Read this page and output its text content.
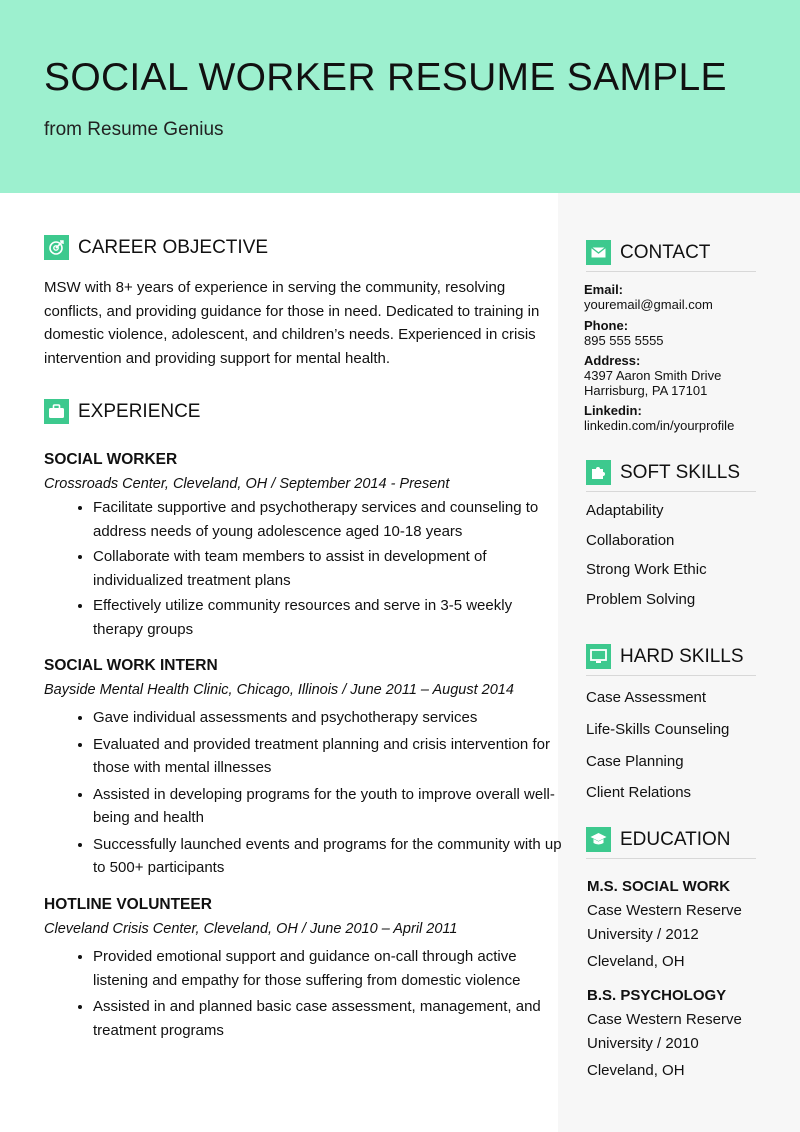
SOCIAL WORKER RESUME SAMPLE
from Resume Genius
CAREER OBJECTIVE

MSW with 8+ years of experience in serving the community, resolving conflicts, and providing guidance for those in need. Dedicated to training in domestic violence, adolescent, and children’s needs. Experienced in crisis intervention and providing support for mental health.

EXPERIENCE
SOCIAL WORKER
Crossroads Center, Cleveland, OH / September 2014 - Present
• Facilitate supportive and psychotherapy services and counseling to address needs of young adolescence aged 10-18 years
• Collaborate with team members to assist in development of individualized treatment plans
• Effectively utilize community resources and serve in 3-5 weekly therapy groups
SOCIAL WORK INTERN
Bayside Mental Health Clinic, Chicago, Illinois / June 2011 – August 2014
• Gave individual assessments and psychotherapy services
• Evaluated and provided treatment planning and crisis intervention for those with mental illnesses
• Assisted in developing programs for the youth to improve overall well-being and health
• Successfully launched events and programs for the community with up to 500+ participants
HOTLINE VOLUNTEER
Cleveland Crisis Center, Cleveland, OH / June 2010 – April 2011
• Provided emotional support and guidance on-call through active listening and empathy for those suffering from domestic violence
• Assisted in and planned basic case assessment, management, and treatment programs
CONTACT
Email:
youremail@gmail.com
Phone:
895 555 5555
Address:
4397 Aaron Smith Drive
Harrisburg, PA 17101
Linkedin:
linkedin.com/in/yourprofile
SOFT SKILLS
Adaptability
Collaboration
Strong Work Ethic
Problem Solving
HARD SKILLS
Case Assessment
Life-Skills Counseling
Case Planning
Client Relations
EDUCATION
M.S. SOCIAL WORK
Case Western Reserve
University / 2012
Cleveland, OH
B.S. PSYCHOLOGY
Case Western Reserve
University / 2010
Cleveland, OH
